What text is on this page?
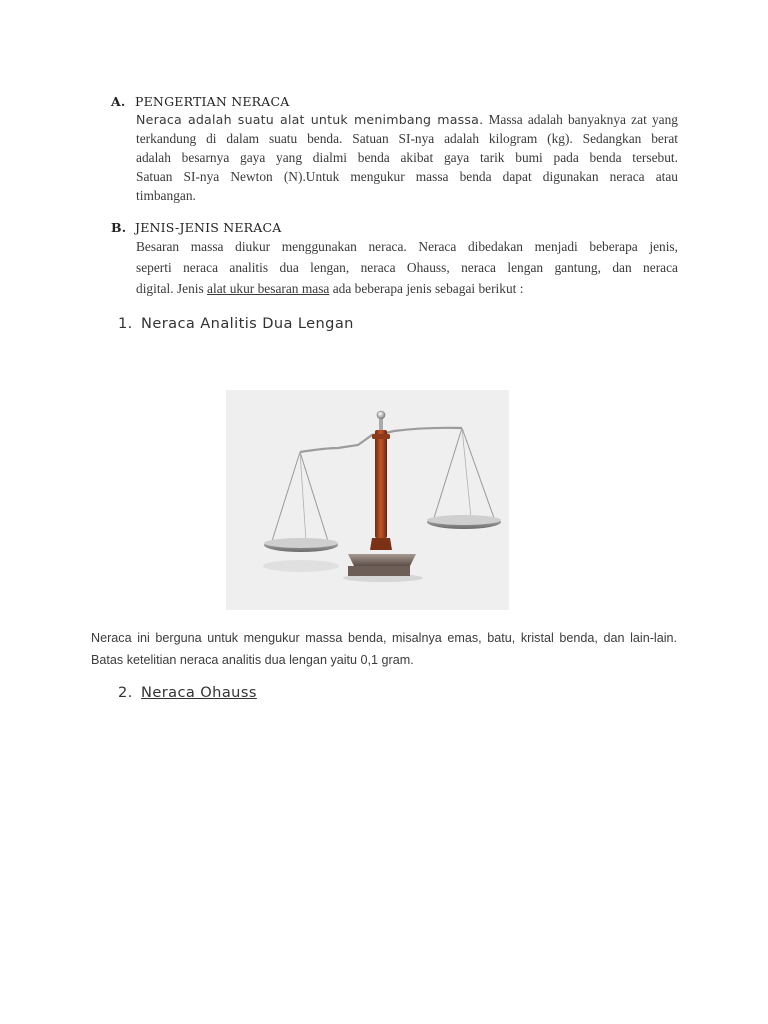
A. PENGERTIAN NERACA
Neraca adalah suatu alat untuk menimbang massa. Massa adalah banyaknya zat yang
terkandung di dalam suatu benda. Satuan SI-nya adalah kilogram (kg). Sedangkan berat
adalah besarnya gaya yang dialmi benda akibat gaya tarik bumi pada benda tersebut.
Satuan SI-nya Newton (N).Untuk mengukur massa benda dapat digunakan neraca atau
timbangan.
B. JENIS-JENIS NERACA
Besaran massa diukur menggunakan neraca. Neraca dibedakan menjadi beberapa jenis,
seperti neraca analitis dua lengan, neraca Ohauss, neraca lengan gantung, dan neraca
digital. Jenis alat ukur besaran masa ada beberapa jenis sebagai berikut :
1. Neraca Analitis Dua Lengan
Neraca ini berguna untuk mengukur massa benda, misalnya emas, batu, kristal benda, dan lain-lain.
Batas ketelitian neraca analitis dua lengan yaitu 0,1 gram.
2. Neraca Ohauss
